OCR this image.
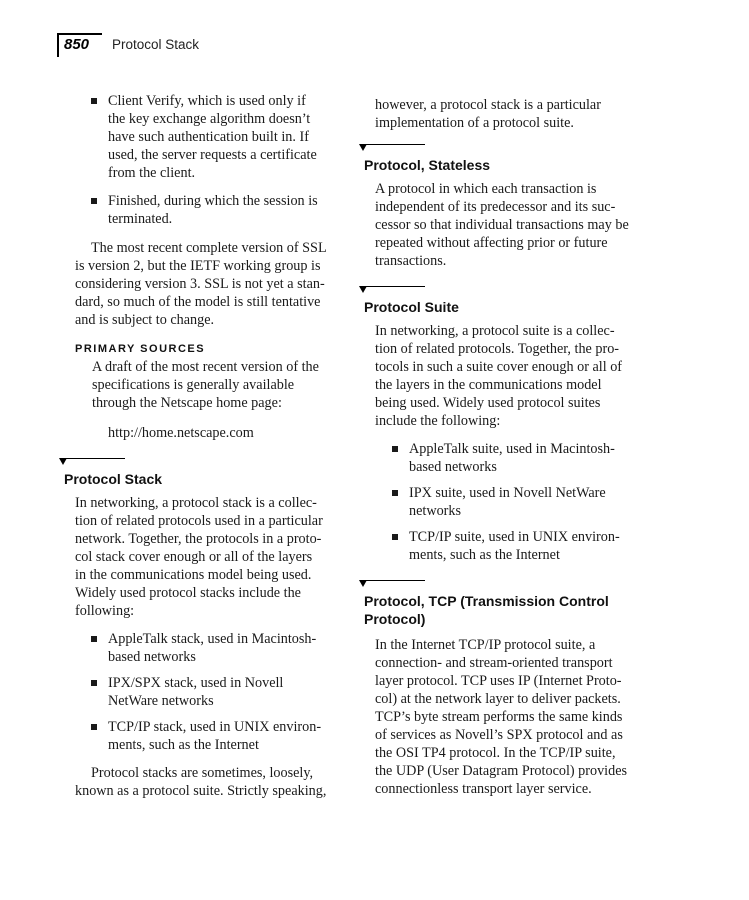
850 Protocol Stack
Client Verify, which is used only if
the key exchange algorithm doesn’t
have such authentication built in. If
used, the server requests a certificate
from the client.
Finished, during which the session is
terminated.
The most recent complete version of SSL
is version 2, but the IETF working group is
considering version 3. SSL is not yet a stan-
dard, so much of the model is still tentative
and is subject to change.
PRIMARY SOURCES
A draft of the most recent version of the
specifications is generally available
through the Netscape home page:
http://home.netscape.com
Protocol Stack
In networking, a protocol stack is a collec-
tion of related protocols used in a particular
network. Together, the protocols in a proto-
col stack cover enough or all of the layers
in the communications model being used.
Widely used protocol stacks include the
following:
AppleTalk stack, used in Macintosh-
based networks
IPX/SPX stack, used in Novell
NetWare networks
TCP/IP stack, used in UNIX environ-
ments, such as the Internet
Protocol stacks are sometimes, loosely,
known as a protocol suite. Strictly speaking,
however, a protocol stack is a particular
implementation of a protocol suite.
Protocol, Stateless
A protocol in which each transaction is
independent of its predecessor and its suc-
cessor so that individual transactions may be
repeated without affecting prior or future
transactions.
Protocol Suite
In networking, a protocol suite is a collec-
tion of related protocols. Together, the pro-
tocols in such a suite cover enough or all of
the layers in the communications model
being used. Widely used protocol suites
include the following:
AppleTalk suite, used in Macintosh-
based networks
IPX suite, used in Novell NetWare
networks
TCP/IP suite, used in UNIX environ-
ments, such as the Internet
Protocol, TCP (Transmission Control
Protocol)
In the Internet TCP/IP protocol suite, a
connection- and stream-oriented transport
layer protocol. TCP uses IP (Internet Proto-
col) at the network layer to deliver packets.
TCP’s byte stream performs the same kinds
of services as Novell’s SPX protocol and as
the OSI TP4 protocol. In the TCP/IP suite,
the UDP (User Datagram Protocol) provides
connectionless transport layer service.
